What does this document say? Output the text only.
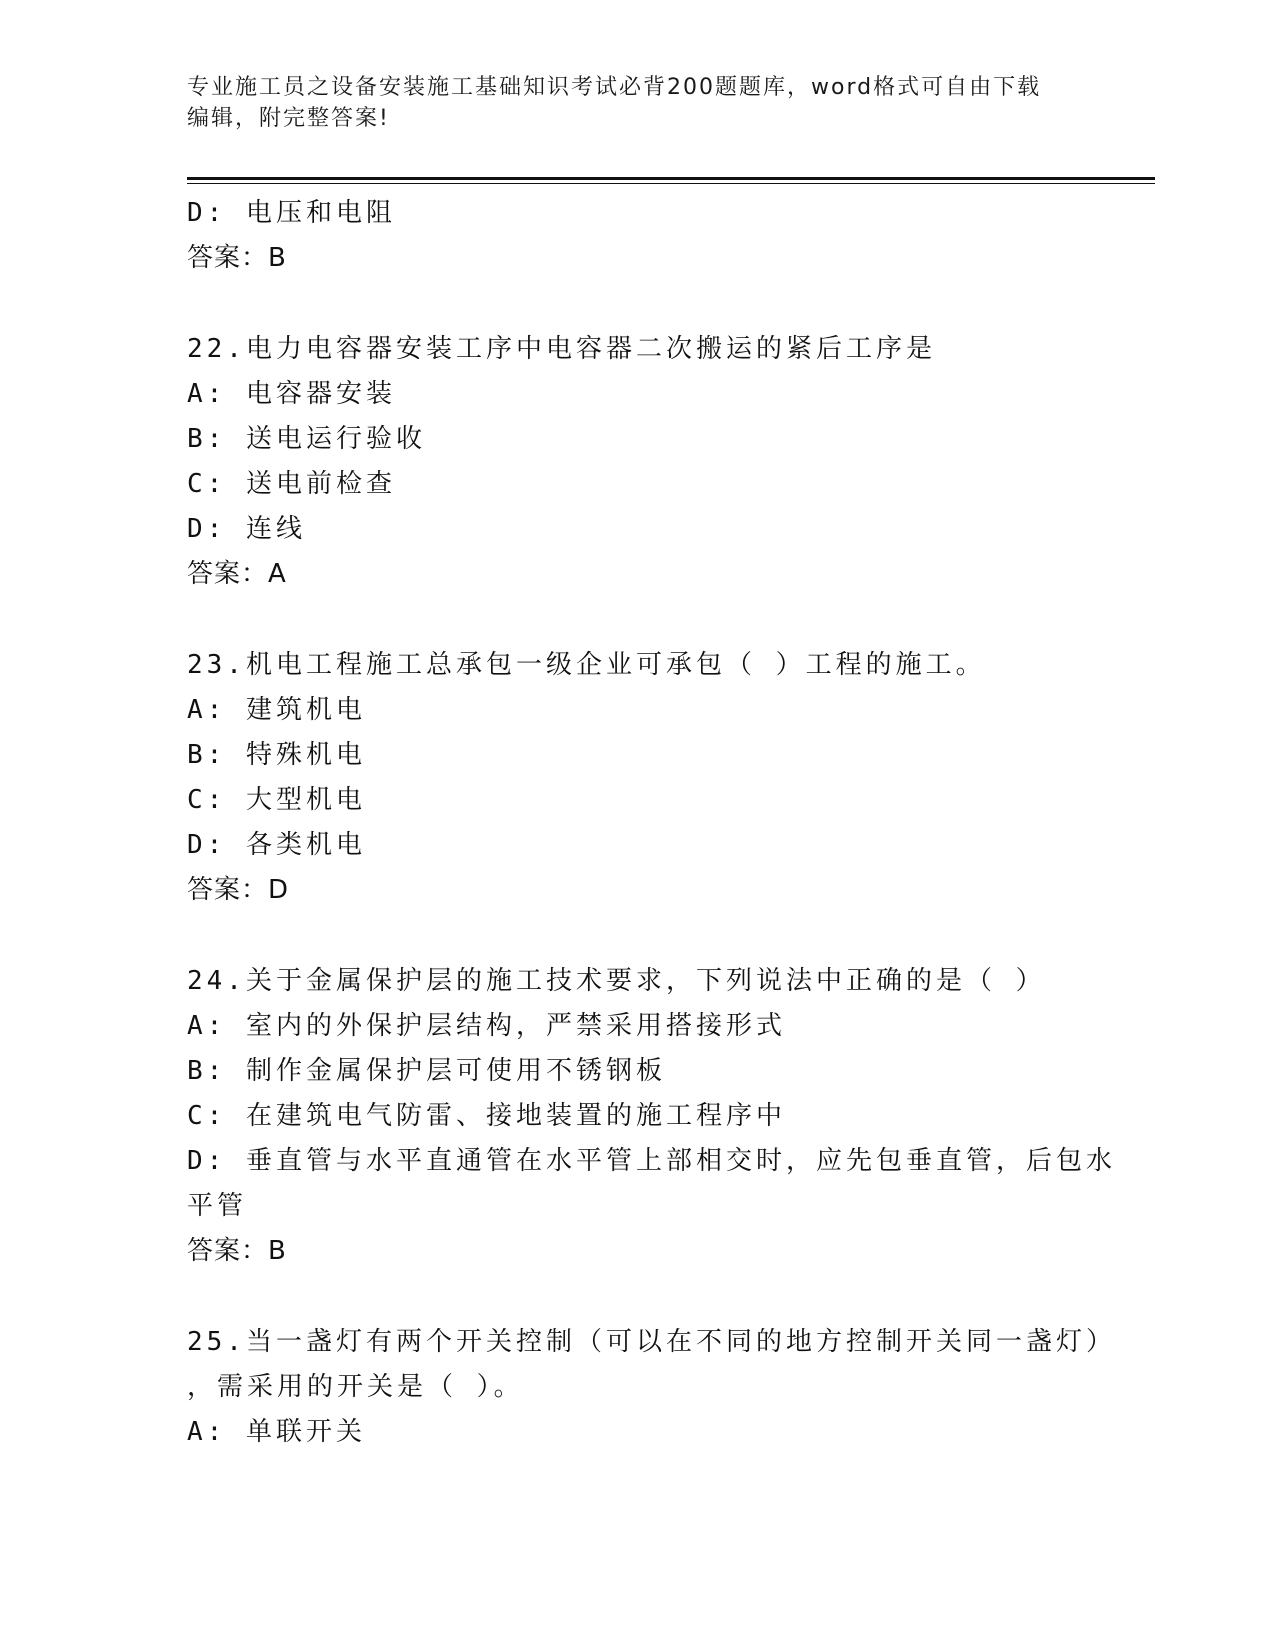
专业施工员之设备安装施工基础知识考试必背200题题库，word格式可自由下载
编辑，附完整答案!
D: 电压和电阻
答案：B
22.电力电容器安装工序中电容器二次搬运的紧后工序是
A: 电容器安装
B: 送电运行验收
C: 送电前检查
D: 连线
答案：A
23.机电工程施工总承包一级企业可承包（ ）工程的施工。
A: 建筑机电
B: 特殊机电
C: 大型机电
D: 各类机电
答案：D
24.关于金属保护层的施工技术要求，下列说法中正确的是（ ）
A: 室内的外保护层结构，严禁采用搭接形式
B: 制作金属保护层可使用不锈钢板
C: 在建筑电气防雷、接地装置的施工程序中
D: 垂直管与水平直通管在水平管上部相交时，应先包垂直管，后包水
平管
答案：B
25.当一盏灯有两个开关控制（可以在不同的地方控制开关同一盏灯）
，需采用的开关是（ ）。
A: 单联开关
